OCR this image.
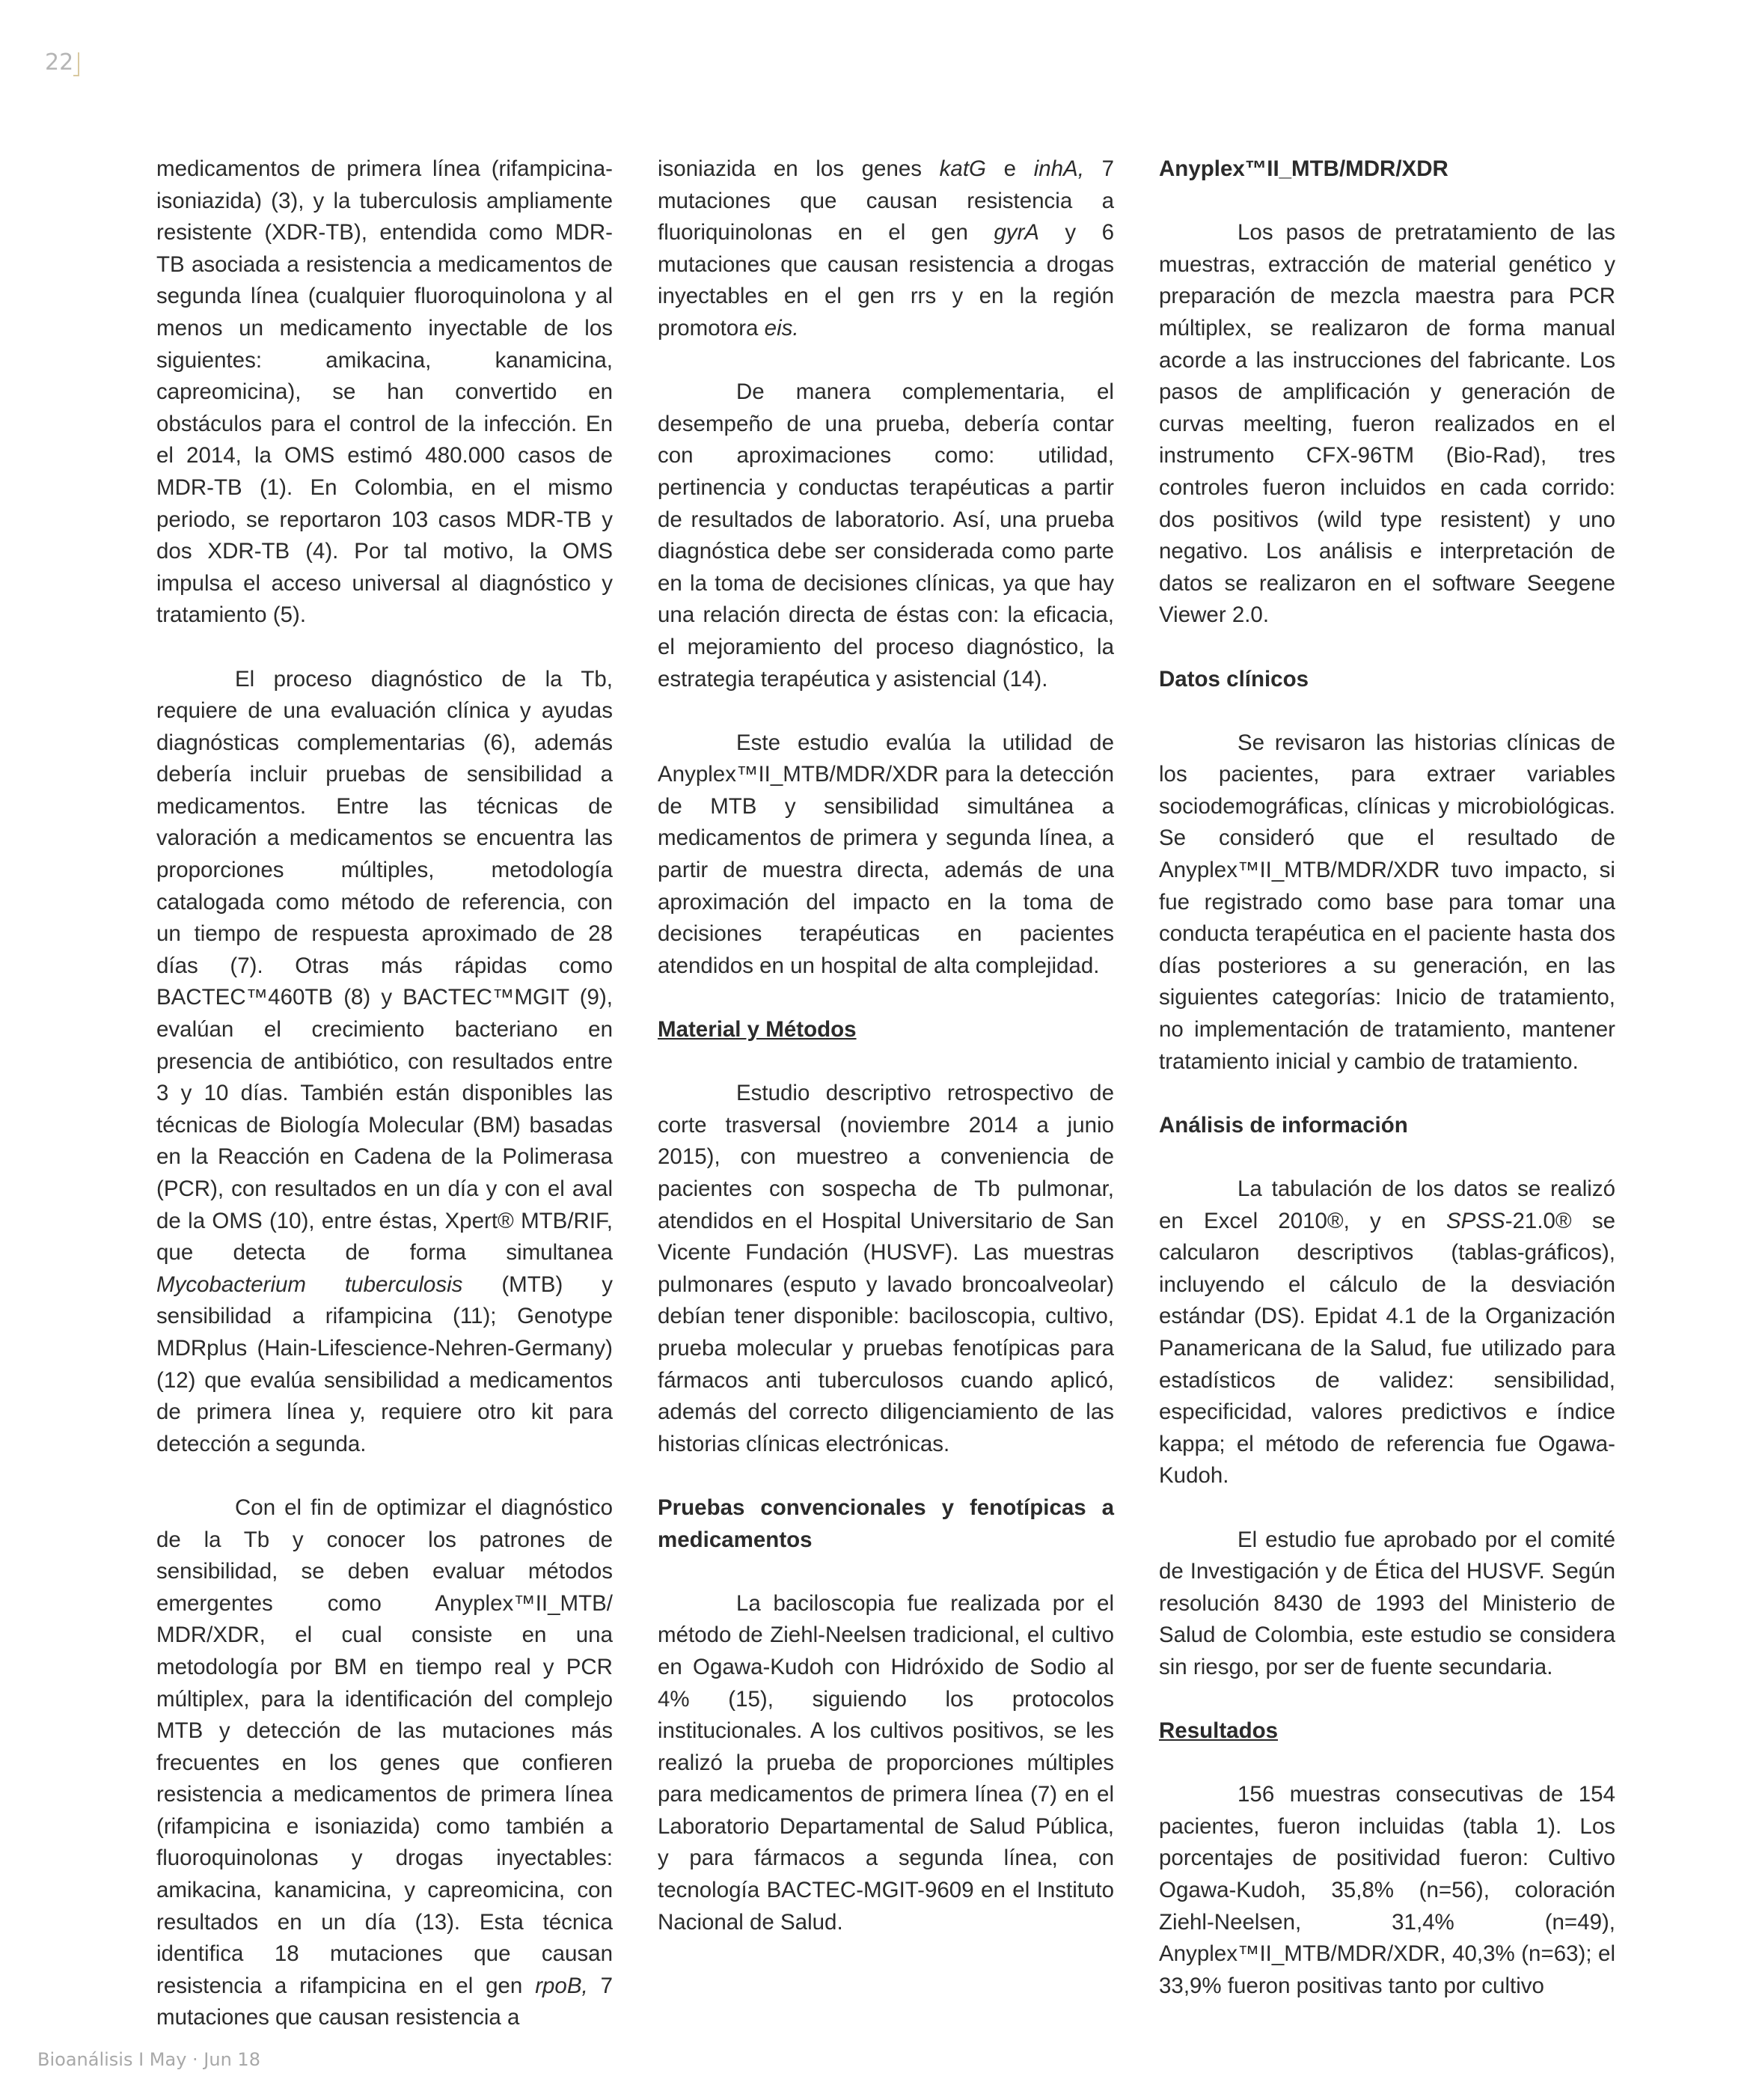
22

medicamentos de primera línea (rifampicina-isoniazida) (3), y la tuberculosis ampliamente resistente (XDR-TB), entendida como MDR-TB asociada a resistencia a medicamentos de segunda línea (cualquier fluoroquinolona y al menos un medicamento inyectable de los siguientes: amikacina, kanamicina, capreomicina), se han convertido en obstáculos para el control de la infección. En el 2014, la OMS estimó 480.000 casos de MDR-TB (1). En Colombia, en el mismo periodo, se reportaron 103 casos MDR-TB y dos XDR-TB (4). Por tal motivo, la OMS impulsa el acceso universal al diagnóstico y tratamiento (5).

El proceso diagnóstico de la Tb, requiere de una evaluación clínica y ayudas diagnósticas complementarias (6), además debería incluir pruebas de sensibilidad a medicamentos. Entre las técnicas de valoración a medicamentos se encuentra las proporciones múltiples, metodología catalogada como método de referencia, con un tiempo de respuesta aproximado de 28 días (7). Otras más rápidas como BACTEC™460TB (8) y BACTEC™MGIT (9), evalúan el crecimiento bacteriano en presencia de antibiótico, con resultados entre 3 y 10 días. También están disponibles las técnicas de Biología Molecular (BM) basadas en la Reacción en Cadena de la Polimerasa (PCR), con resultados en un día y con el aval de la OMS (10), entre éstas, Xpert® MTB/RIF, que detecta de forma simultanea Mycobacterium tuberculosis (MTB) y sensibilidad a rifampicina (11); Genotype MDRplus (Hain-Lifescience-Nehren-Germany) (12) que evalúa sensibilidad a medicamentos de primera línea y, requiere otro kit para detección a segunda.

Con el fin de optimizar el diagnóstico de la Tb y conocer los patrones de sensibilidad, se deben evaluar métodos emergentes como Anyplex™II_MTB/ MDR/XDR, el cual consiste en una metodología por BM en tiempo real y PCR múltiplex, para la identificación del complejo MTB y detección de las mutaciones más frecuentes en los genes que confieren resistencia a medicamentos de primera línea (rifampicina e isoniazida) como también a fluoroquinolonas y drogas inyectables: amikacina, kanamicina, y capreomicina, con resultados en un día (13). Esta técnica identifica 18 mutaciones que causan resistencia a rifampicina en el gen rpoB, 7 mutaciones que causan resistencia a

isoniazida en los genes katG e inhA, 7 mutaciones que causan resistencia a fluoriquinolonas en el gen gyrA y 6 mutaciones que causan resistencia a drogas inyectables en el gen rrs y en la región promotora eis.

De manera complementaria, el desempeño de una prueba, debería contar con aproximaciones como: utilidad, pertinencia y conductas terapéuticas a partir de resultados de laboratorio. Así, una prueba diagnóstica debe ser considerada como parte en la toma de decisiones clínicas, ya que hay una relación directa de éstas con: la eficacia, el mejoramiento del proceso diagnóstico, la estrategia terapéutica y asistencial (14).

Este estudio evalúa la utilidad de Anyplex™II_MTB/MDR/XDR para la detección de MTB y sensibilidad simultánea a medicamentos de primera y segunda línea, a partir de muestra directa, además de una aproximación del impacto en la toma de decisiones terapéuticas en pacientes atendidos en un hospital de alta complejidad.

Material y Métodos

Estudio descriptivo retrospectivo de corte trasversal (noviembre 2014 a junio 2015), con muestreo a conveniencia de pacientes con sospecha de Tb pulmonar, atendidos en el Hospital Universitario de San Vicente Fundación (HUSVF). Las muestras pulmonares (esputo y lavado broncoalveolar) debían tener disponible: baciloscopia, cultivo, prueba molecular y pruebas fenotípicas para fármacos anti tuberculosos cuando aplicó, además del correcto diligenciamiento de las historias clínicas electrónicas.

Pruebas convencionales y fenotípicas a medicamentos

La baciloscopia fue realizada por el método de Ziehl-Neelsen tradicional, el cultivo en Ogawa-Kudoh con Hidróxido de Sodio al 4% (15), siguiendo los protocolos institucionales. A los cultivos positivos, se les realizó la prueba de proporciones múltiples para medicamentos de primera línea (7) en el Laboratorio Departamental de Salud Pública, y para fármacos a segunda línea, con tecnología BACTEC-MGIT-9609 en el Instituto Nacional de Salud.

Anyplex™II_MTB/MDR/XDR

Los pasos de pretratamiento de las muestras, extracción de material genético y preparación de mezcla maestra para PCR múltiplex, se realizaron de forma manual acorde a las instrucciones del fabricante. Los pasos de amplificación y generación de curvas meelting, fueron realizados en el instrumento CFX-96TM (Bio-Rad), tres controles fueron incluidos en cada corrido: dos positivos (wild type resistent) y uno negativo. Los análisis e interpretación de datos se realizaron en el software Seegene Viewer 2.0.

Datos clínicos

Se revisaron las historias clínicas de los pacientes, para extraer variables sociodemográficas, clínicas y microbiológicas. Se consideró que el resultado de Anyplex™II_MTB/MDR/XDR tuvo impacto, si fue registrado como base para tomar una conducta terapéutica en el paciente hasta dos días posteriores a su generación, en las siguientes categorías: Inicio de tratamiento, no implementación de tratamiento, mantener tratamiento inicial y cambio de tratamiento.

Análisis de información

La tabulación de los datos se realizó en Excel 2010®, y en SPSS-21.0® se calcularon descriptivos (tablas-gráficos), incluyendo el cálculo de la desviación estándar (DS). Epidat 4.1 de la Organización Panamericana de la Salud, fue utilizado para estadísticos de validez: sensibilidad, especificidad, valores predictivos e índice kappa; el método de referencia fue Ogawa-Kudoh.

El estudio fue aprobado por el comité de Investigación y de Ética del HUSVF. Según resolución 8430 de 1993 del Ministerio de Salud de Colombia, este estudio se considera sin riesgo, por ser de fuente secundaria.

Resultados

156 muestras consecutivas de 154 pacientes, fueron incluidas (tabla 1). Los porcentajes de positividad fueron: Cultivo Ogawa-Kudoh, 35,8% (n=56), coloración Ziehl-Neelsen, 31,4% (n=49), Anyplex™II_MTB/MDR/XDR, 40,3% (n=63); el 33,9% fueron positivas tanto por cultivo

Bioanálisis I May · Jun 18
